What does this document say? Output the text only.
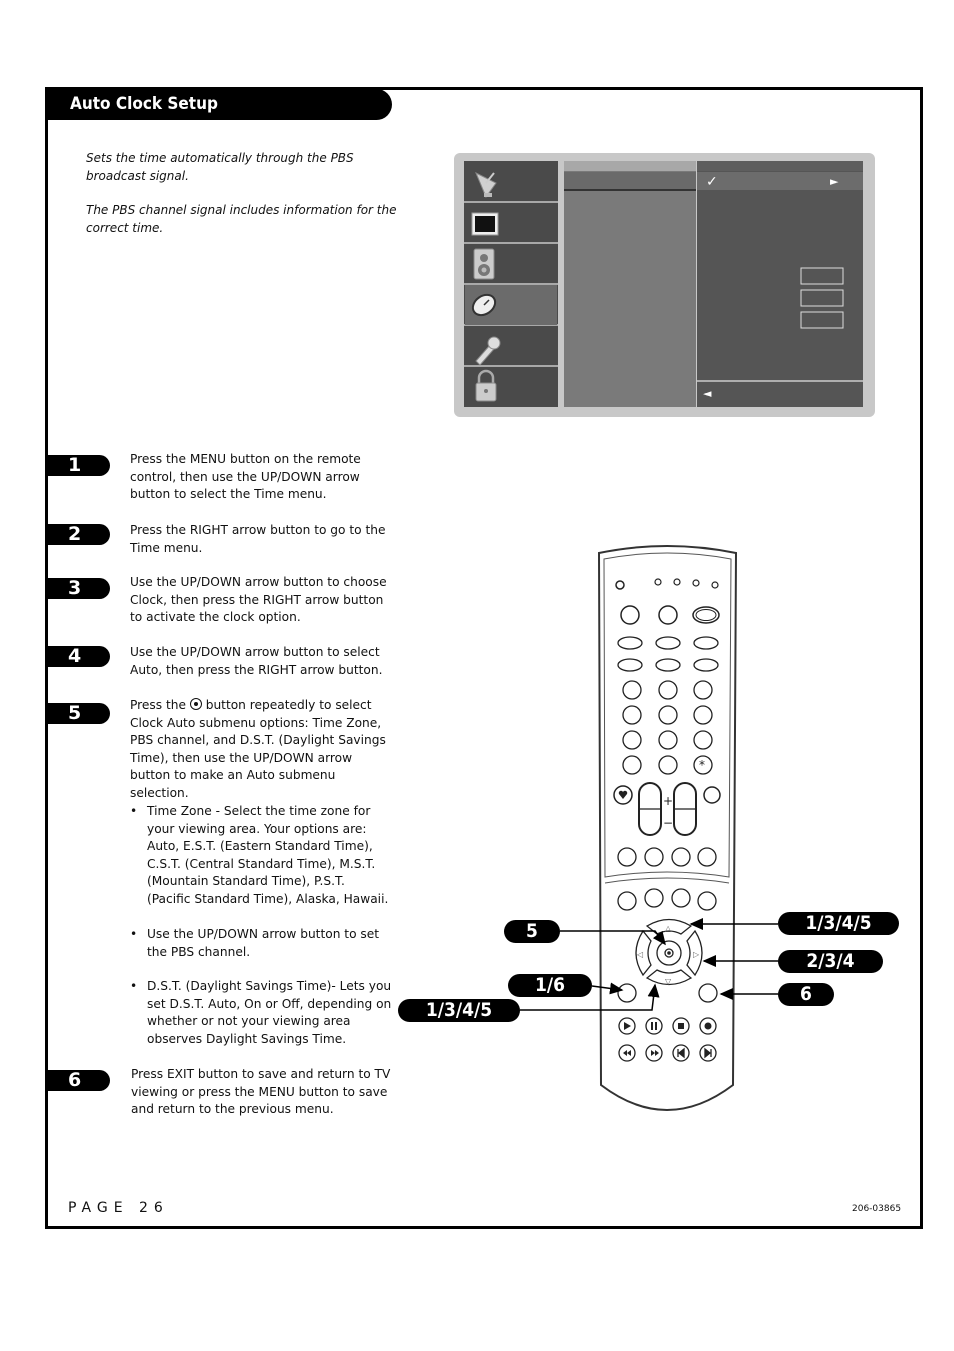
Auto Clock Setup

Sets the time automatically through the PBS broadcast signal.

The PBS channel signal includes information for the correct time.

✓	►
◄
1	Press the MENU button on the remote control, then use the UP/DOWN arrow button to select the Time menu.

2	Press the RIGHT arrow button to go to the Time menu.

3	Use the UP/DOWN arrow button to choose Clock, then press the RIGHT arrow button to activate the clock option.

4	Use the UP/DOWN arrow button to select Auto, then press the RIGHT arrow button.

5	Press the button repeatedly to select Clock Auto submenu options: Time Zone, PBS channel, and D.S.T. (Daylight Savings Time), then use the UP/DOWN arrow button to make an Auto submenu selection.

• Time Zone - Select the time zone for your viewing area. Your options are: Auto, E.S.T. (Eastern Standard Time), C.S.T. (Central Standard Time), M.S.T. (Mountain Standard Time), P.S.T. (Pacific Standard Time), Alaska, Hawaii.
• Use the UP/DOWN arrow button to set the PBS channel.
• D.S.T. (Daylight Savings Time)- Lets you set D.S.T. Auto, On or Off, depending on whether or not your viewing area observes Daylight Savings Time.
6	Press EXIT button to save and return to TV viewing or press the MENU button to save and return to the previous menu.

*
+
−
△
▽
◁	▷
5
1/6
1/3/4/5
1/3/4/5
2/3/4
6
PAGE 26	206-03865
